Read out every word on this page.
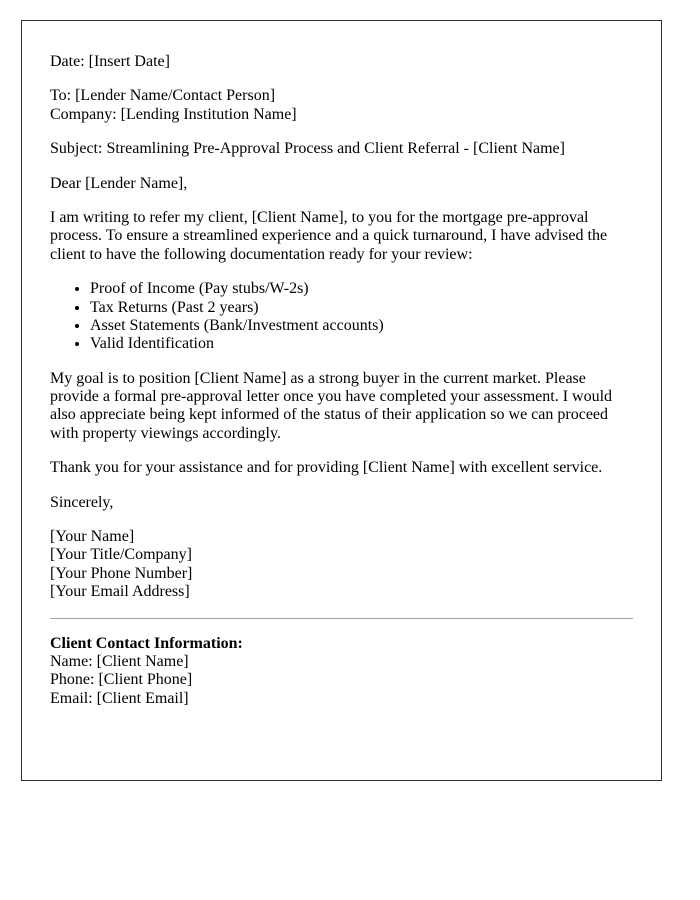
Date: [Insert Date]

To: [Lender Name/Contact Person]
Company: [Lending Institution Name]

Subject: Streamlining Pre-Approval Process and Client Referral - [Client Name]

Dear [Lender Name],

I am writing to refer my client, [Client Name], to you for the mortgage pre-approval process. To ensure a streamlined experience and a quick turnaround, I have advised the client to have the following documentation ready for your review:

• Proof of Income (Pay stubs/W-2s)
• Tax Returns (Past 2 years)
• Asset Statements (Bank/Investment accounts)
• Valid Identification

My goal is to position [Client Name] as a strong buyer in the current market. Please provide a formal pre-approval letter once you have completed your assessment. I would also appreciate being kept informed of the status of their application so we can proceed with property viewings accordingly.

Thank you for your assistance and for providing [Client Name] with excellent service.

Sincerely,

[Your Name]
[Your Title/Company]
[Your Phone Number]
[Your Email Address]

Client Contact Information:
Name: [Client Name]
Phone: [Client Phone]
Email: [Client Email]
